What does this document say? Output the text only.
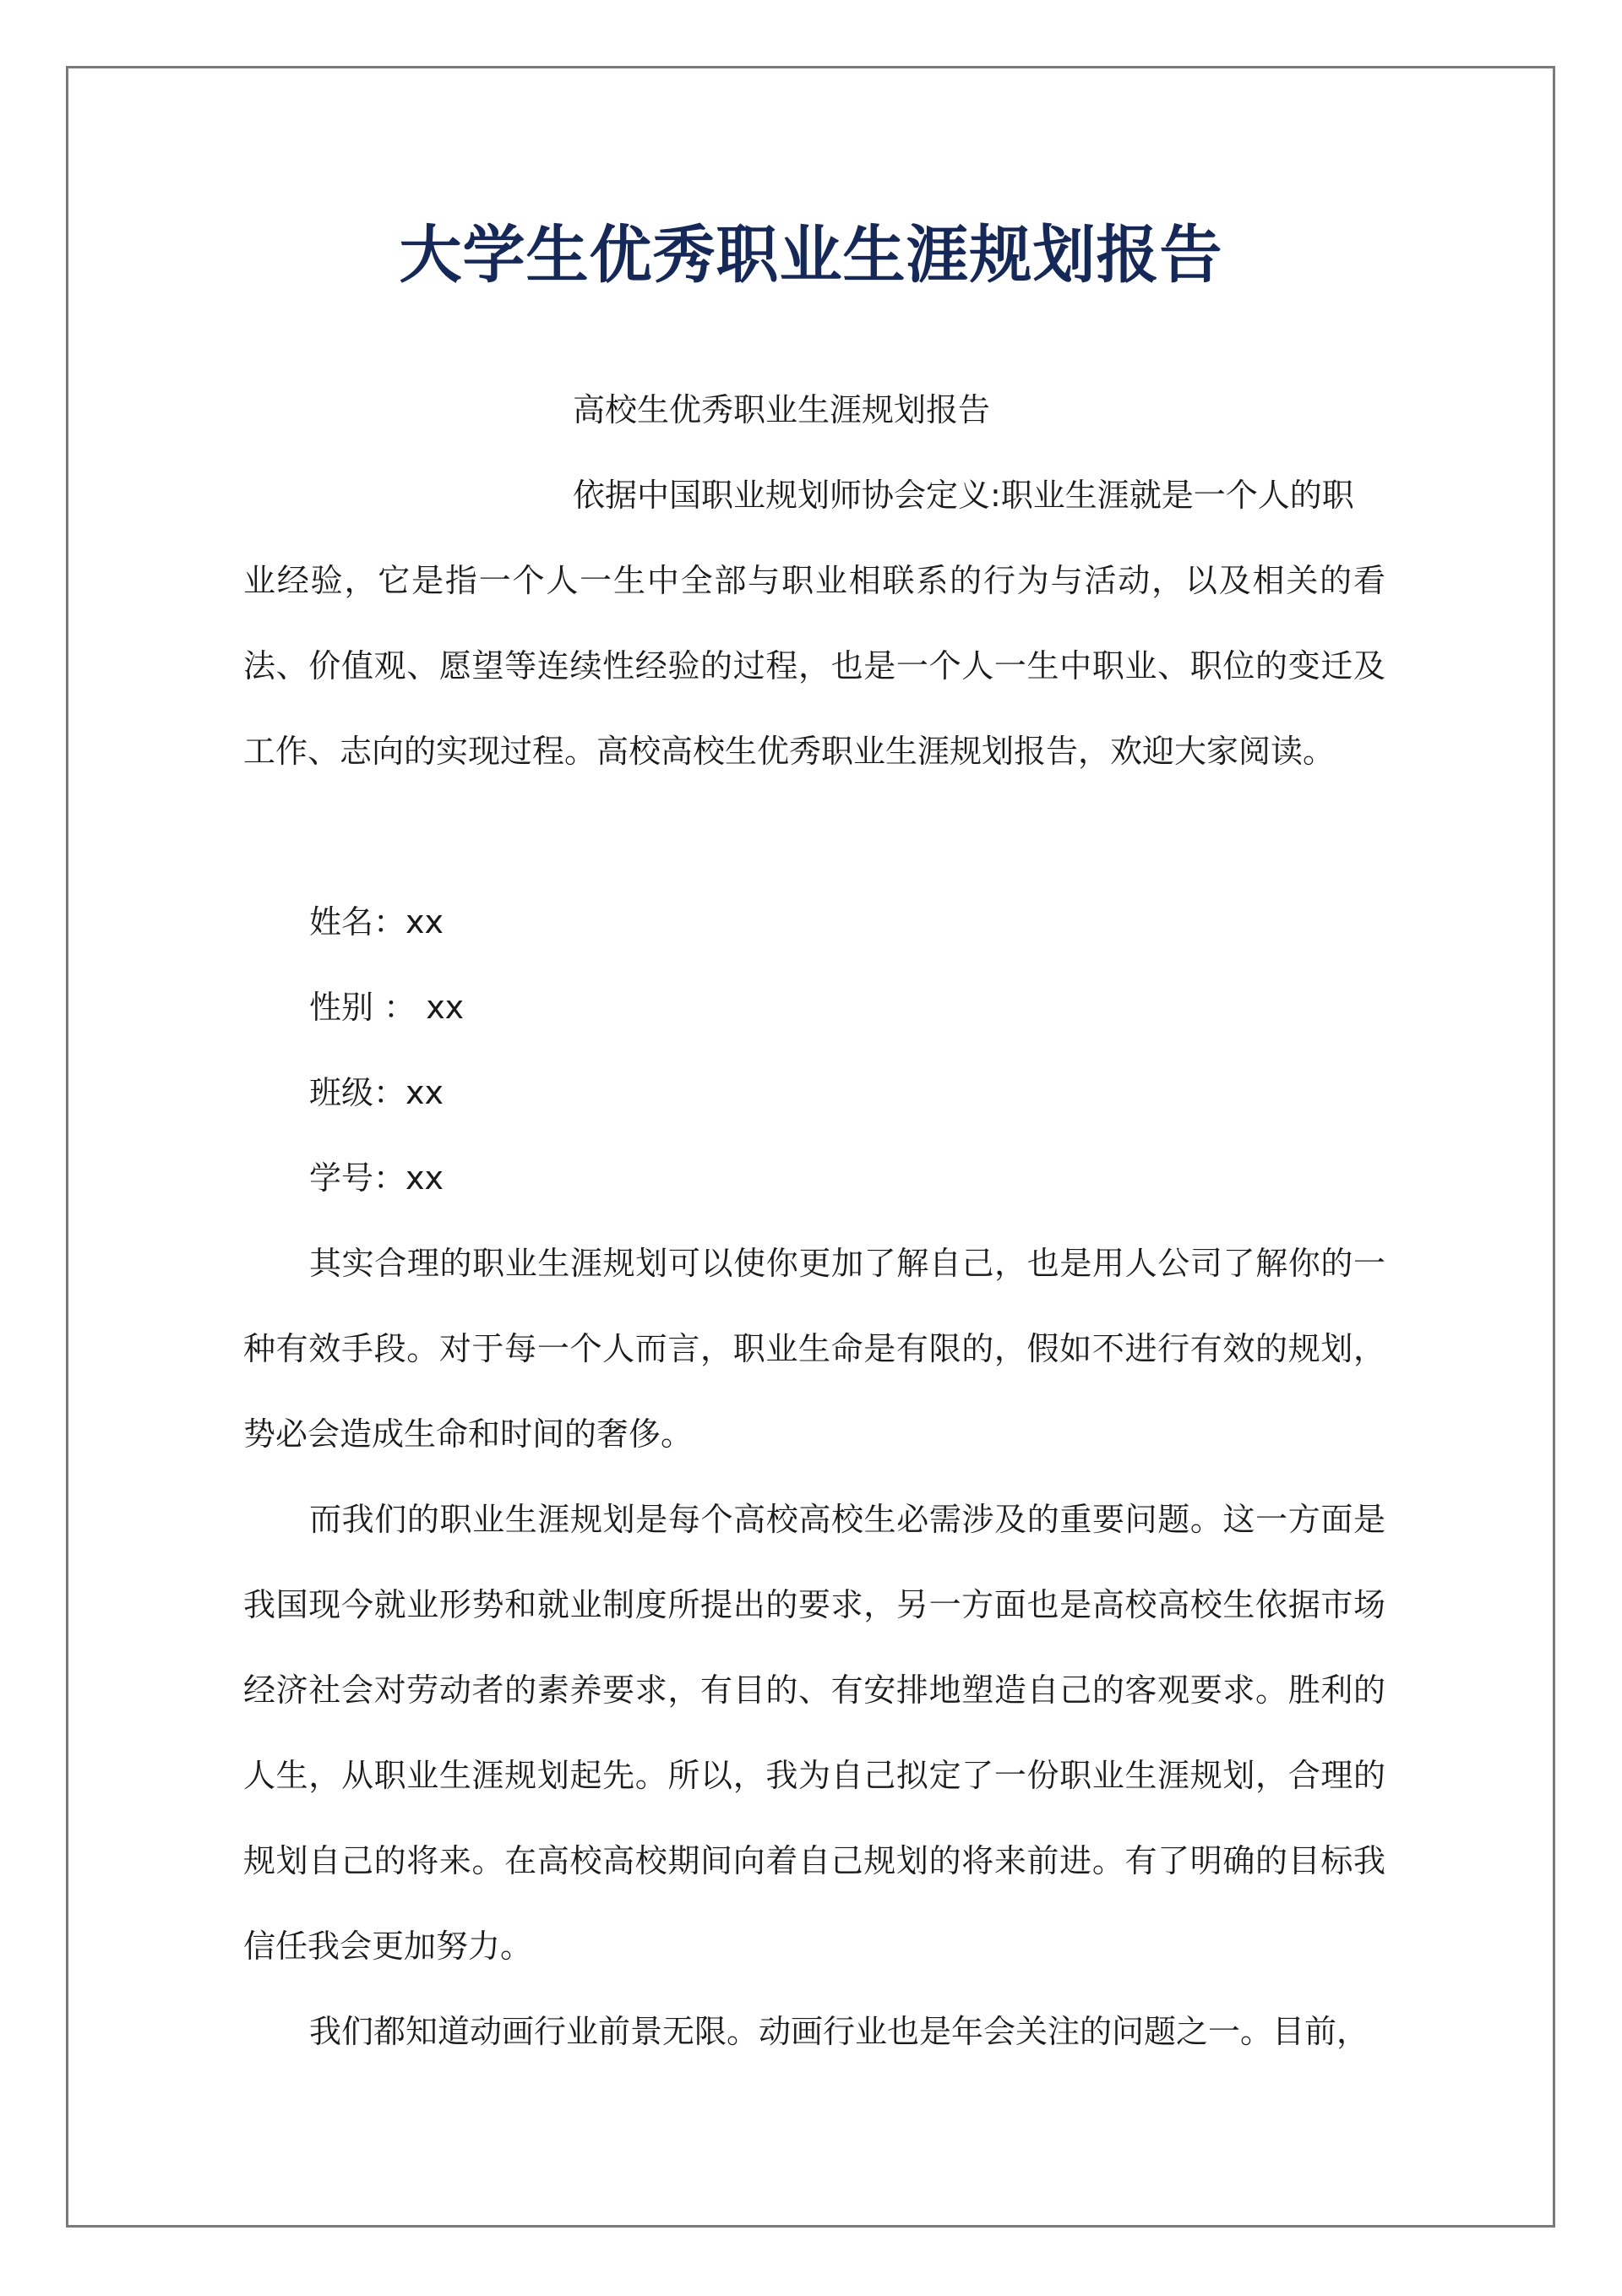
大学生优秀职业生涯规划报告
高校生优秀职业生涯规划报告
依据中国职业规划师协会定义:职业生涯就是一个人的职

业经验，它是指一个人一生中全部与职业相联系的行为与活动，以及相关的看法、价值观、愿望等连续性经验的过程，也是一个人一生中职业、职位的变迁及工作、志向的实现过程。高校高校生优秀职业生涯规划报告，欢迎大家阅读。

姓名：xx
性别 ： xx
班级：xx
学号：xx

其实合理的职业生涯规划可以使你更加了解自己，也是用人公司了解你的一种有效手段。对于每一个人而言，职业生命是有限的，假如不进行有效的规划，势必会造成生命和时间的奢侈。

而我们的职业生涯规划是每个高校高校生必需涉及的重要问题。这一方面是我国现今就业形势和就业制度所提出的要求，另一方面也是高校高校生依据市场经济社会对劳动者的素养要求，有目的、有安排地塑造自己的客观要求。胜利的人生，从职业生涯规划起先。所以，我为自己拟定了一份职业生涯规划，合理的规划自己的将来。在高校高校期间向着自己规划的将来前进。有了明确的目标我信任我会更加努力。

我们都知道动画行业前景无限。动画行业也是年会关注的问题之一。目前，
